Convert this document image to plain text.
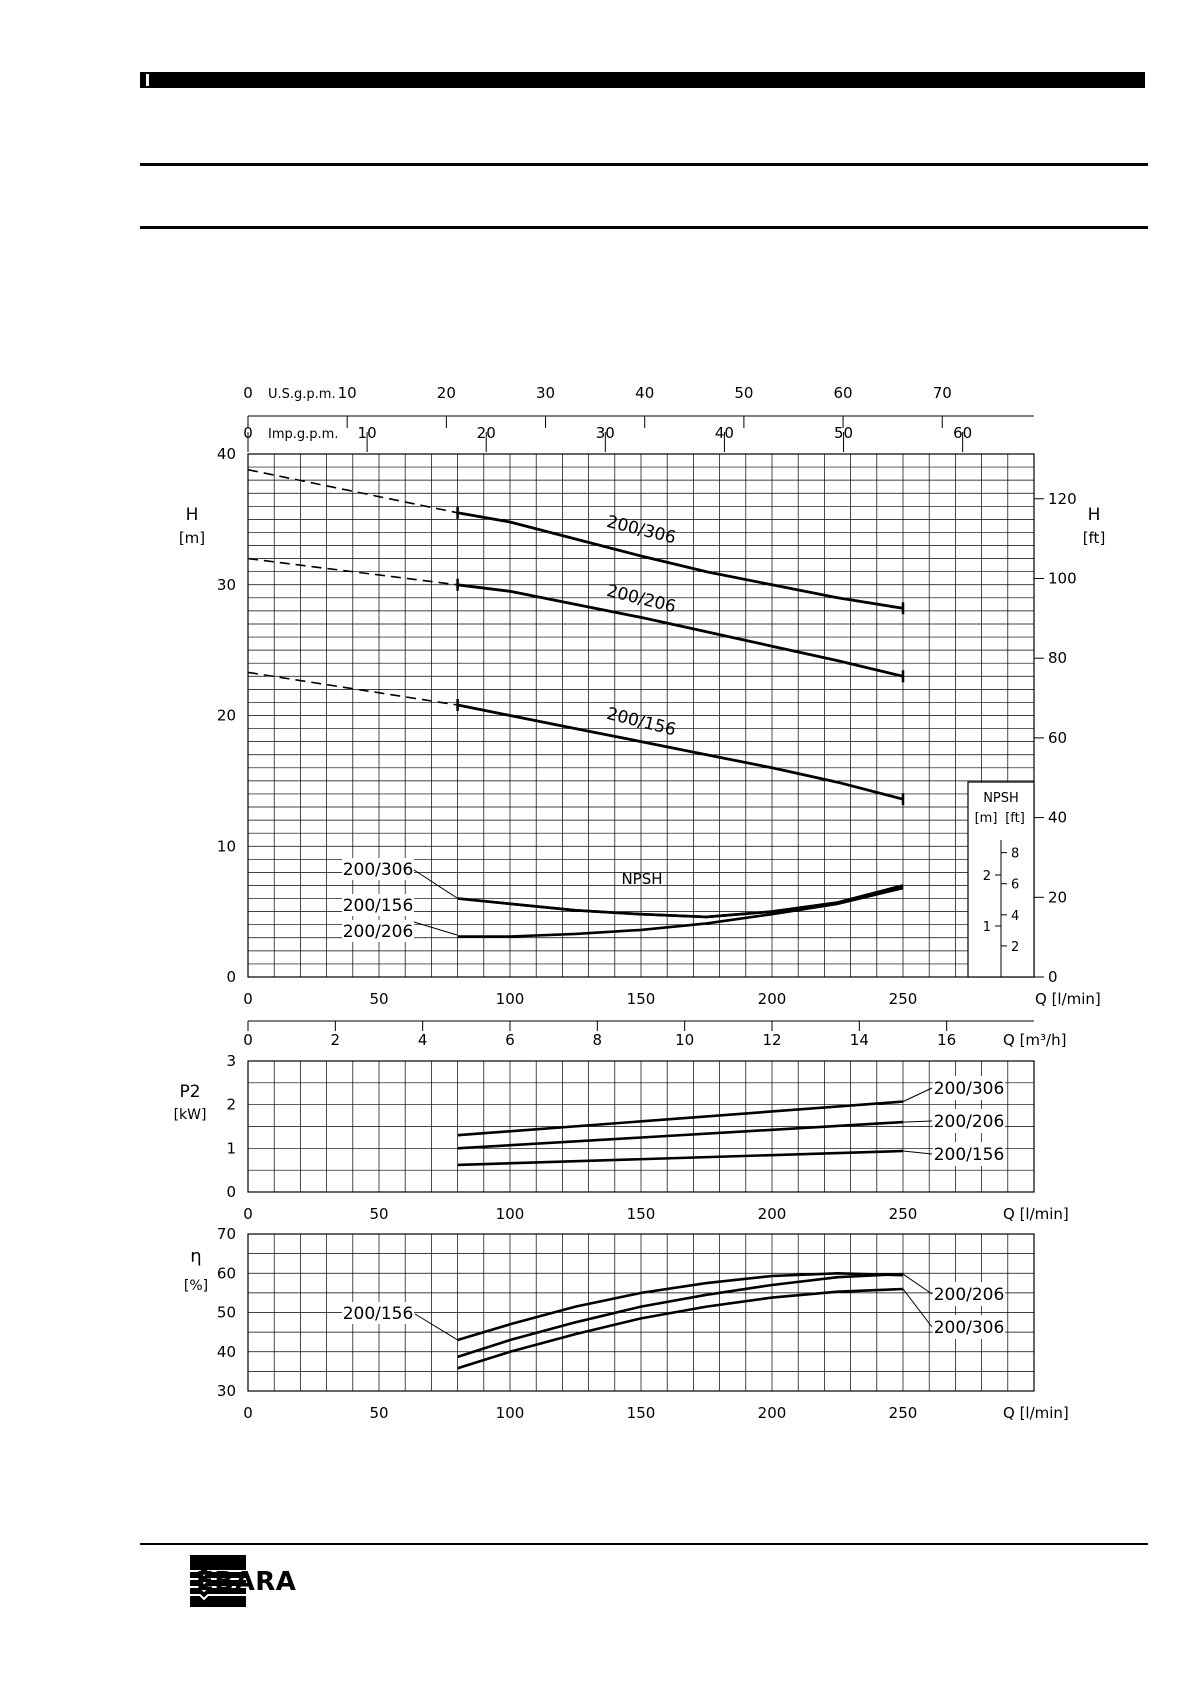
0
10
20
30
40
0	50	100	150	200	250	Q [l/min]
H
[m]
H
[ft]
0
20
40
60
80
100
120
0	10	20	30	40	50	60	70
U.S.g.p.m.
0	10	20	30	40	50	60
Imp.g.p.m.
200/306
200/206
200/156
NPSH
200/306
200/156
200/206
NPSH
[m] [ft]
1
2
2
4
6
8
0	2	4	6	8	10	12	14	16	Q [m³/h]
0
1
2
3
0	50	100	150	200	250	Q [l/min]
P2
[kW]
200/306
200/206
200/156
30
40
50
60
70
0	50	100	150	200	250	Q [l/min]
η
[%]
200/156
200/206
200/306
EBARA
